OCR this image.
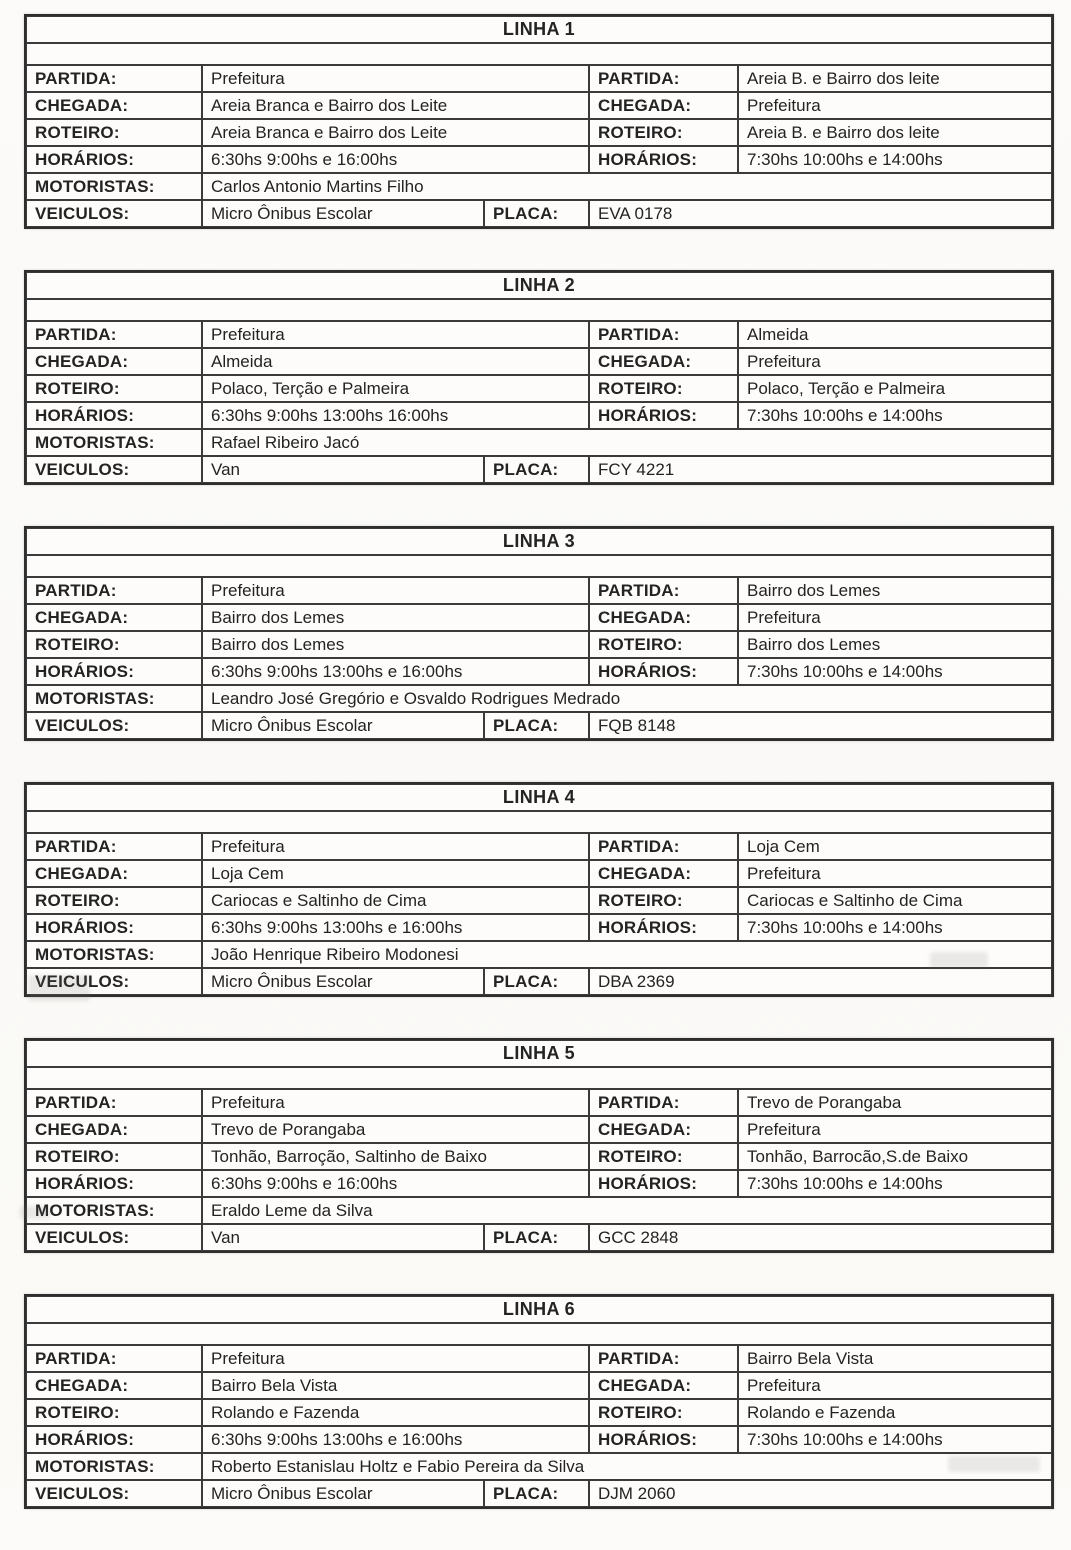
LINHA 1
PARTIDA:	Prefeitura	PARTIDA:	Areia B. e Bairro dos leite
CHEGADA:	Areia Branca e Bairro dos Leite	CHEGADA:	Prefeitura
ROTEIRO:	Areia Branca e Bairro dos Leite	ROTEIRO:	Areia B. e Bairro dos leite
HORÁRIOS:	6:30hs 9:00hs e 16:00hs	HORÁRIOS:	7:30hs 10:00hs e 14:00hs
MOTORISTAS:	Carlos Antonio Martins Filho
VEICULOS:	Micro Ônibus Escolar	PLACA:	EVA 0178
LINHA 2
PARTIDA:	Prefeitura	PARTIDA:	Almeida
CHEGADA:	Almeida	CHEGADA:	Prefeitura
ROTEIRO:	Polaco, Terção e Palmeira	ROTEIRO:	Polaco, Terção e Palmeira
HORÁRIOS:	6:30hs 9:00hs 13:00hs 16:00hs	HORÁRIOS:	7:30hs 10:00hs e 14:00hs
MOTORISTAS:	Rafael Ribeiro Jacó
VEICULOS:	Van	PLACA:	FCY 4221
LINHA 3
PARTIDA:	Prefeitura	PARTIDA:	Bairro dos Lemes
CHEGADA:	Bairro dos Lemes	CHEGADA:	Prefeitura
ROTEIRO:	Bairro dos Lemes	ROTEIRO:	Bairro dos Lemes
HORÁRIOS:	6:30hs 9:00hs 13:00hs e 16:00hs	HORÁRIOS:	7:30hs 10:00hs e 14:00hs
MOTORISTAS:	Leandro José Gregório e Osvaldo Rodrigues Medrado
VEICULOS:	Micro Ônibus Escolar	PLACA:	FQB 8148
LINHA 4
PARTIDA:	Prefeitura	PARTIDA:	Loja Cem
CHEGADA:	Loja Cem	CHEGADA:	Prefeitura
ROTEIRO:	Cariocas e Saltinho de Cima	ROTEIRO:	Cariocas e Saltinho de Cima
HORÁRIOS:	6:30hs 9:00hs 13:00hs e 16:00hs	HORÁRIOS:	7:30hs 10:00hs e 14:00hs
MOTORISTAS:	João Henrique Ribeiro Modonesi
VEICULOS:	Micro Ônibus Escolar	PLACA:	DBA 2369
LINHA 5
PARTIDA:	Prefeitura	PARTIDA:	Trevo de Porangaba
CHEGADA:	Trevo de Porangaba	CHEGADA:	Prefeitura
ROTEIRO:	Tonhão, Barroção, Saltinho de Baixo	ROTEIRO:	Tonhão, Barrocão,S.de Baixo
HORÁRIOS:	6:30hs 9:00hs e 16:00hs	HORÁRIOS:	7:30hs 10:00hs e 14:00hs
MOTORISTAS:	Eraldo Leme da Silva
VEICULOS:	Van	PLACA:	GCC 2848
LINHA 6
PARTIDA:	Prefeitura	PARTIDA:	Bairro Bela Vista
CHEGADA:	Bairro Bela Vista	CHEGADA:	Prefeitura
ROTEIRO:	Rolando e Fazenda	ROTEIRO:	Rolando e Fazenda
HORÁRIOS:	6:30hs 9:00hs 13:00hs e 16:00hs	HORÁRIOS:	7:30hs 10:00hs e 14:00hs
MOTORISTAS:	Roberto Estanislau Holtz e Fabio Pereira da Silva
VEICULOS:	Micro Ônibus Escolar	PLACA:	DJM 2060
